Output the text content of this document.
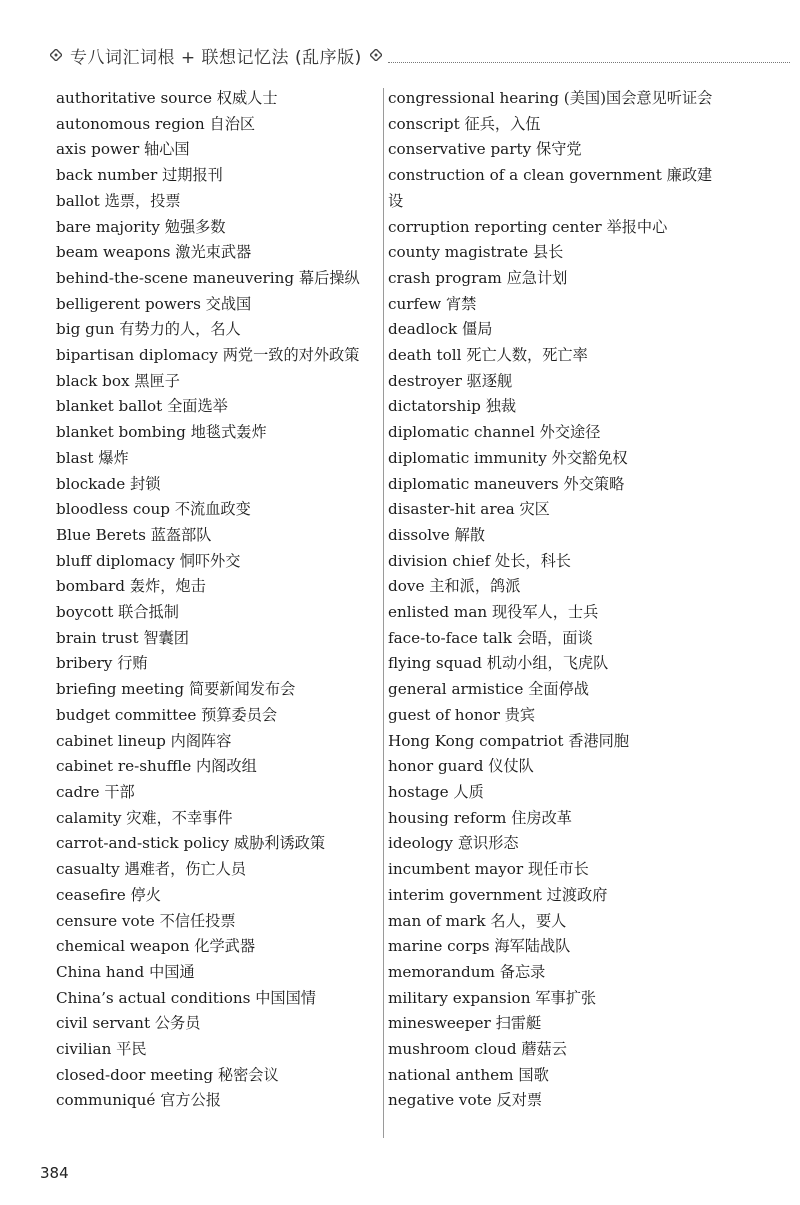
专八词汇词根 + 联想记忆法 (乱序版)
authoritative source 权威人士
autonomous region 自治区
axis power 轴心国
back number 过期报刊
ballot 选票，投票
bare majority 勉强多数
beam weapons 激光束武器
behind-the-scene maneuvering 幕后操纵
belligerent powers 交战国
big gun 有势力的人，名人
bipartisan diplomacy 两党一致的对外政策
black box 黑匣子
blanket ballot 全面选举
blanket bombing 地毯式轰炸
blast 爆炸
blockade 封锁
bloodless coup 不流血政变
Blue Berets 蓝盔部队
bluff diplomacy 恫吓外交
bombard 轰炸，炮击
boycott 联合抵制
brain trust 智囊团
bribery 行贿
briefing meeting 简要新闻发布会
budget committee 预算委员会
cabinet lineup 内阁阵容
cabinet re-shuffle 内阁改组
cadre 干部
calamity 灾难，不幸事件
carrot-and-stick policy 威胁利诱政策
casualty 遇难者，伤亡人员
ceasefire 停火
censure vote 不信任投票
chemical weapon 化学武器
China hand 中国通
China’s actual conditions 中国国情
civil servant 公务员
civilian 平民
closed-door meeting 秘密会议
communiqué 官方公报
congressional hearing (美国)国会意见听证会
conscript 征兵，入伍
conservative party 保守党
construction of a clean government 廉政建设
corruption reporting center 举报中心
county magistrate 县长
crash program 应急计划
curfew 宵禁
deadlock 僵局
death toll 死亡人数，死亡率
destroyer 驱逐舰
dictatorship 独裁
diplomatic channel 外交途径
diplomatic immunity 外交豁免权
diplomatic maneuvers 外交策略
disaster-hit area 灾区
dissolve 解散
division chief 处长，科长
dove 主和派，鸽派
enlisted man 现役军人，士兵
face-to-face talk 会晤，面谈
flying squad 机动小组，飞虎队
general armistice 全面停战
guest of honor 贵宾
Hong Kong compatriot 香港同胞
honor guard 仪仗队
hostage 人质
housing reform 住房改革
ideology 意识形态
incumbent mayor 现任市长
interim government 过渡政府
man of mark 名人，要人
marine corps 海军陆战队
memorandum 备忘录
military expansion 军事扩张
minesweeper 扫雷艇
mushroom cloud 蘑菇云
national anthem 国歌
negative vote 反对票
384
